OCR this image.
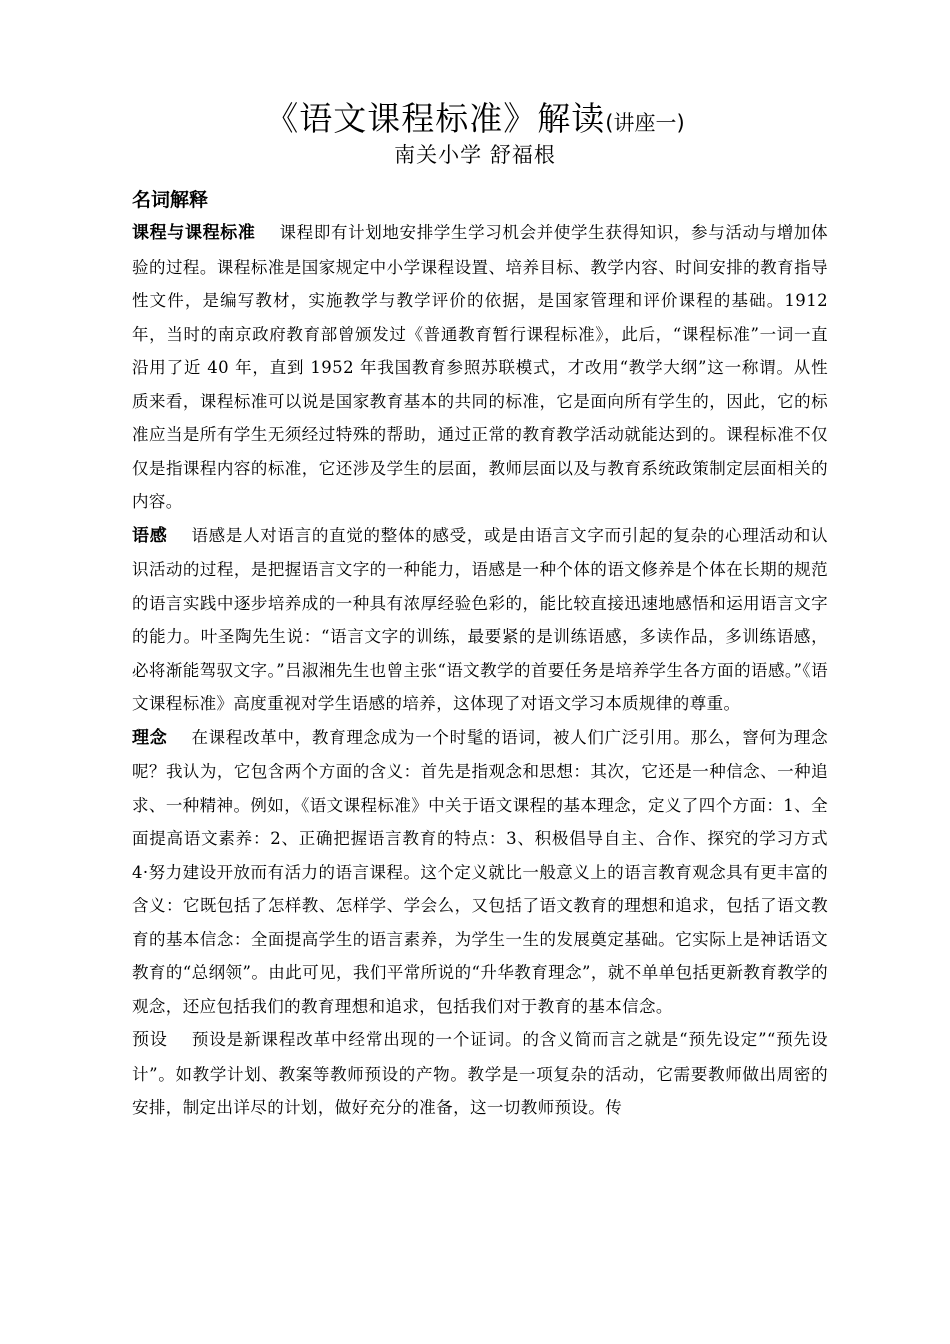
《语文课程标准》解读(讲座一)
南关小学 舒福根
名词解释

课程与课程标准 课程即有计划地安排学生学习机会并使学生获得知识，参与活动与增加体验的过程。课程标准是国家规定中小学课程设置、培养目标、教学内容、时间安排的教育指导性文件，是编写教材，实施教学与教学评价的依据，是国家管理和评价课程的基础。1912 年，当时的南京政府教育部曾颁发过《普通教育暂行课程标准》，此后，“课程标准”一词一直沿用了近 40 年，直到 1952 年我国教育参照苏联模式，才改用“教学大纲”这一称谓。从性质来看，课程标准可以说是国家教育基本的共同的标准，它是面向所有学生的，因此，它的标准应当是所有学生无须经过特殊的帮助，通过正常的教育教学活动就能达到的。课程标准不仅仅是指课程内容的标准，它还涉及学生的层面，教师层面以及与教育系统政策制定层面相关的内容。

语感 语感是人对语言的直觉的整体的感受，或是由语言文字而引起的复杂的心理活动和认识活动的过程，是把握语言文字的一种能力，语感是一种个体的语文修养是个体在长期的规范的语言实践中逐步培养成的一种具有浓厚经验色彩的，能比较直接迅速地感悟和运用语言文字的能力。叶圣陶先生说：“语言文字的训练，最要紧的是训练语感，多读作品，多训练语感，必将渐能驾驭文字。”吕淑湘先生也曾主张“语文教学的首要任务是培养学生各方面的语感。”《语文课程标准》高度重视对学生语感的培养，这体现了对语文学习本质规律的尊重。

理念 在课程改革中，教育理念成为一个时髦的语词，被人们广泛引用。那么，窨何为理念呢？我认为，它包含两个方面的含义：首先是指观念和思想：其次，它还是一种信念、一种追求、一种精神。例如，《语文课程标准》中关于语文课程的基本理念，定义了四个方面：1、全面提高语文素养：2、正确把握语言教育的特点：3、积极倡导自主、合作、探究的学习方式 4·努力建设开放而有活力的语言课程。这个定义就比一般意义上的语言教育观念具有更丰富的含义：它既包括了怎样教、怎样学、学会么，又包括了语文教育的理想和追求，包括了语文教育的基本信念：全面提高学生的语言素养，为学生一生的发展奠定基础。它实际上是神话语文教育的“总纲领”。由此可见，我们平常所说的“升华教育理念”，就不单单包括更新教育教学的观念，还应包括我们的教育理想和追求，包括我们对于教育的基本信念。

预设 预设是新课程改革中经常出现的一个证词。的含义简而言之就是“预先设定”“预先设计”。如教学计划、教案等教师预设的产物。教学是一项复杂的活动，它需要教师做出周密的安排，制定出详尽的计划，做好充分的准备，这一切教师预设。传
